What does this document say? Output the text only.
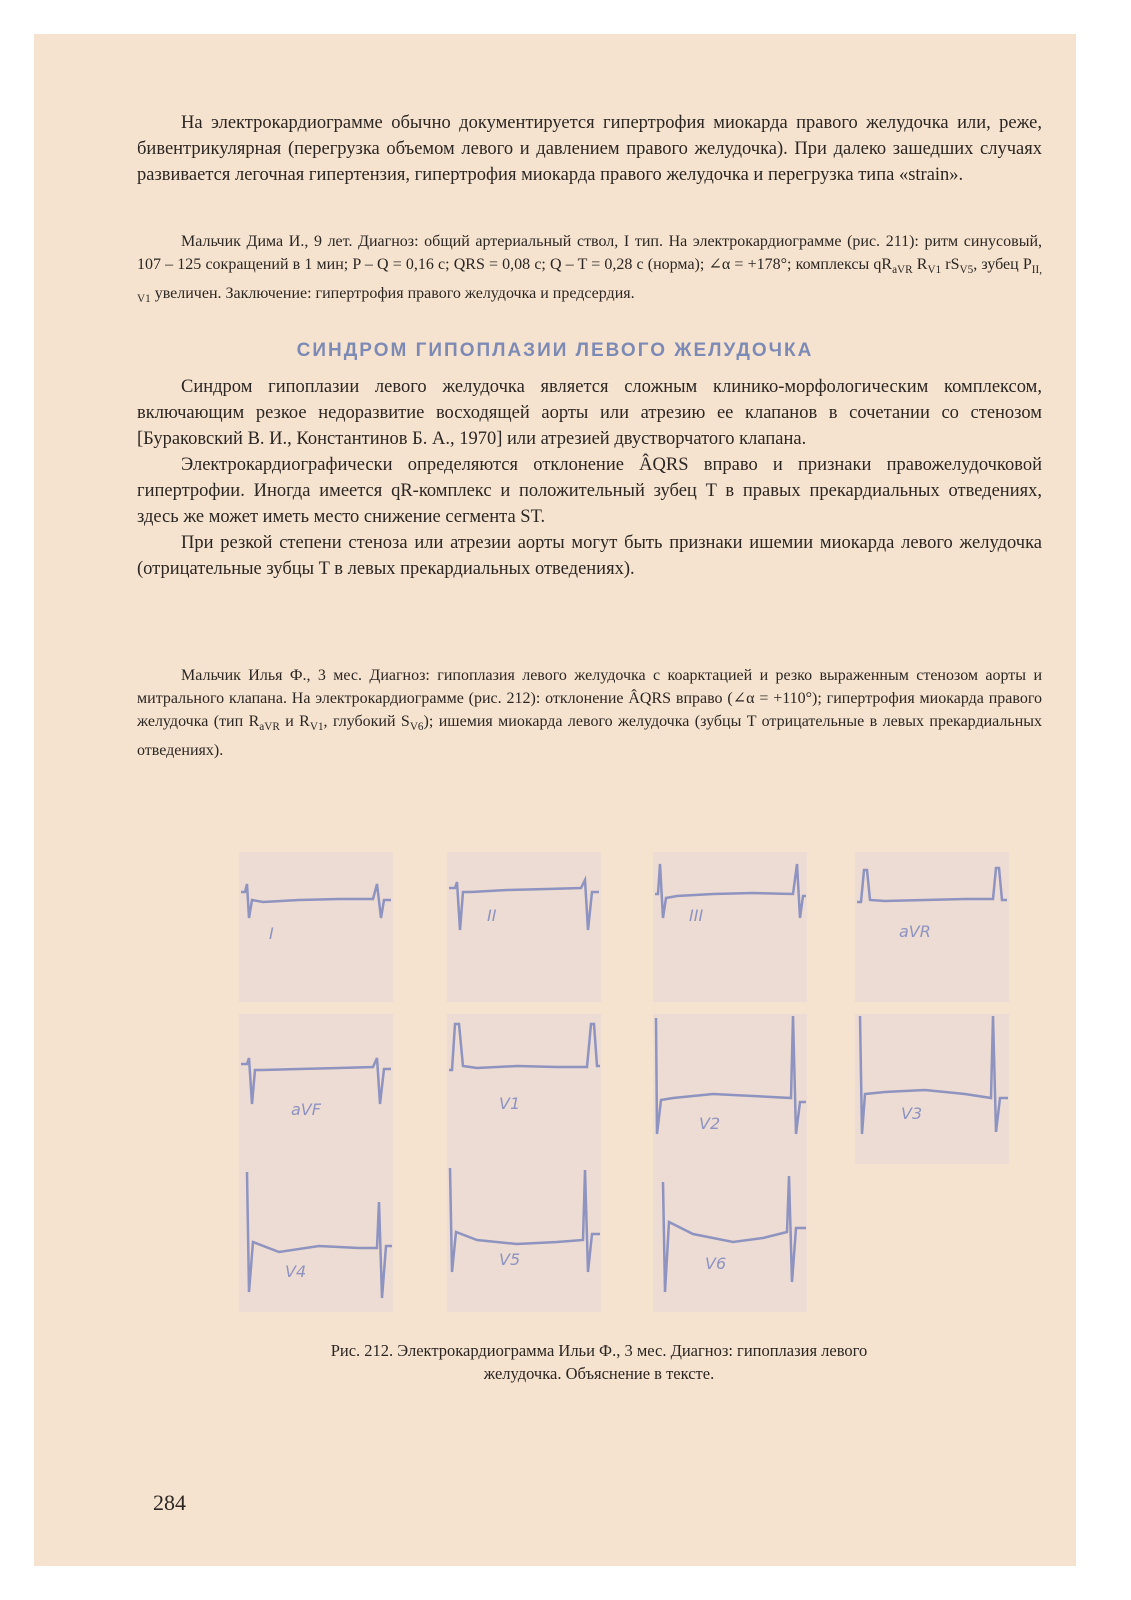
На электрокардиограмме обычно документируется гипертрофия миокарда правого желудочка или, реже, бивентрикулярная (перегрузка объемом левого и давлением правого желудочка). При далеко зашедших случаях развивается легочная гипертензия, гипертрофия миокарда правого желудочка и перегрузка типа «strain».

Мальчик Дима И., 9 лет. Диагноз: общий артериальный ствол, I тип. На электрокардиограмме (рис. 211): ритм синусовый, 107 – 125 сокращений в 1 мин; P – Q = 0,16 с; QRS = 0,08 с; Q – T = 0,28 с (норма); ∠α = +178°; комплексы $qR_{aVR}$ $R_{V1}$ $rS_{V5}$, зубец $P_{II, V1}$ увеличен. Заключение: гипертрофия правого желудочка и предсердия.

СИНДРОМ ГИПОПЛАЗИИ ЛЕВОГО ЖЕЛУДОЧКА

Синдром гипоплазии левого желудочка является сложным клинико-морфологическим комплексом, включающим резкое недоразвитие восходящей аорты или атрезию ее клапанов в сочетании со стенозом [Бураковский В. И., Константинов Б. А., 1970] или атрезией двустворчатого клапана.

Электрокардиографически определяются отклонение ÂQRS вправо и признаки правожелудочковой гипертрофии. Иногда имеется qR-комплекс и положительный зубец T в правых прекардиальных отведениях, здесь же может иметь место снижение сегмента ST.

При резкой степени стеноза или атрезии аорты могут быть признаки ишемии миокарда левого желудочка (отрицательные зубцы T в левых прекардиальных отведениях).

Мальчик Илья Ф., 3 мес. Диагноз: гипоплазия левого желудочка с коарктацией и резко выраженным стенозом аорты и митрального клапана. На электрокардиограмме (рис. 212): отклонение ÂQRS вправо (∠α = +110°); гипертрофия миокарда правого желудочка (тип $R_{aVR}$ и $R_{V1}$, глубокий $S_{V6}$); ишемия миокарда левого желудочка (зубцы T отрицательные в левых прекардиальных отведениях).

I
II	III
aVR
aVF	V1
V2
V3
V4
V5	V6
Рис. 212. Электрокардиограмма Ильи Ф., 3 мес. Диагноз: гипоплазия левого
желудочка. Объяснение в тексте.
284
